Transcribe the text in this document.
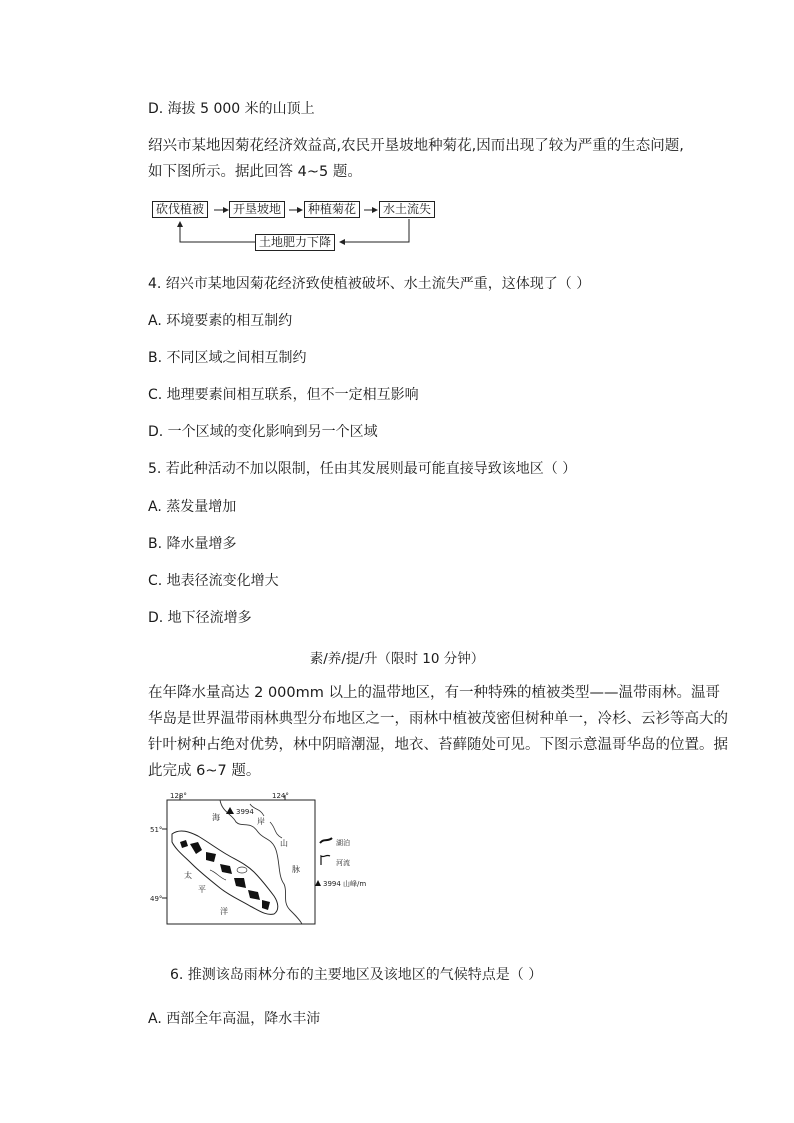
D. 海拔 5 000 米的山顶上
绍兴市某地因菊花经济效益高,农民开垦坡地种菊花,因而出现了较为严重的生态问题,
如下图所示。据此回答 4~5 题。
砍伐植被	开垦坡地	种植菊花	水土流失
土地肥力下降
4. 绍兴市某地因菊花经济致使植被破坏、水土流失严重，这体现了（ ）
A. 环境要素的相互制约
B. 不同区域之间相互制约
C. 地理要素间相互联系，但不一定相互影响
D. 一个区域的变化影响到另一个区域
5. 若此种活动不加以限制，任由其发展则最可能直接导致该地区（ ）
A. 蒸发量增加
B. 降水量增多
C. 地表径流变化增大
D. 地下径流增多
素/养/提/升（限时 10 分钟）
在年降水量高达 2 000mm 以上的温带地区，有一种特殊的植被类型——温带雨林。温哥
华岛是世界温带雨林典型分布地区之一，雨林中植被茂密但树种单一，冷杉、云衫等高大的
针叶树种占绝对优势，林中阴暗潮湿，地衣、苔藓随处可见。下图示意温哥华岛的位置。据
此完成 6~7 题。
128°	124°
51°
49°
3994
海	岸
山
脉
太
平
洋
湖泊
河流
3994 山峰/m
6. 推测该岛雨林分布的主要地区及该地区的气候特点是（ ）
A. 西部全年高温，降水丰沛
